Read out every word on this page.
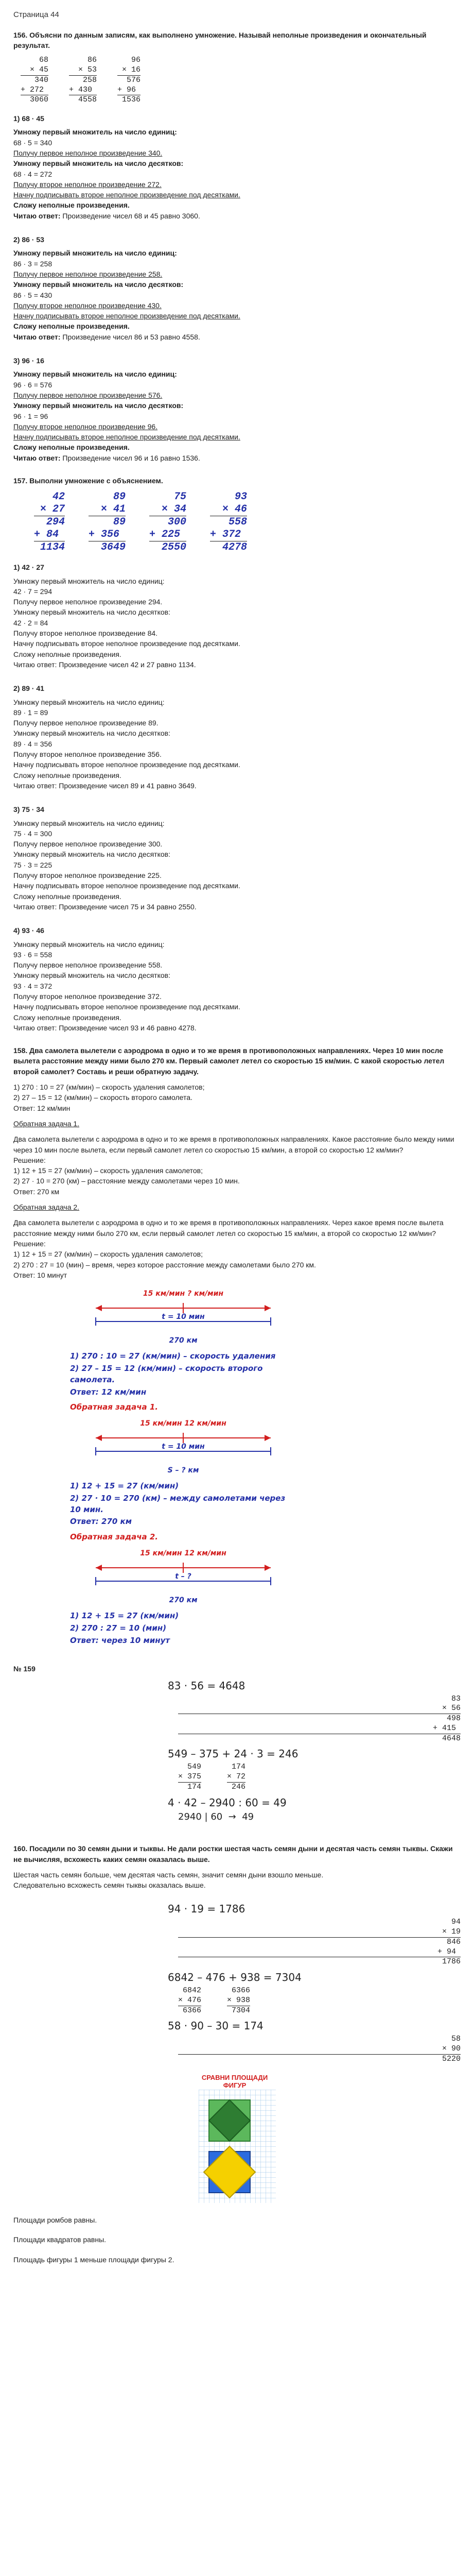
Страница 44
156. Объясни по данным записям, как выполнено умножение. Называй неполные произведения и окончательный результат.
68
× 45
340
+ 272
3060
86
× 53
258
+ 430
4558
96
× 16
576
+ 96
1536
1) 68 · 45

Умножу первый множитель на число единиц:

68 · 5 = 340

Получу первое неполное произведение 340.

Умножу первый множитель на число десятков:

68 · 4 = 272

Получу второе неполное произведение 272.

Начну подписывать второе неполное произведение под десятками.

Сложу неполные произведения.

Читаю ответ: Произведение чисел 68 и 45 равно 3060.

2) 86 · 53

Умножу первый множитель на число единиц:

86 · 3 = 258

Получу первое неполное произведение 258.

Умножу первый множитель на число десятков:

86 · 5 = 430

Получу второе неполное произведение 430.

Начну подписывать второе неполное произведение под десятками.

Сложу неполные произведения.

Читаю ответ: Произведение чисел 86 и 53 равно 4558.

3) 96 · 16

Умножу первый множитель на число единиц:

96 · 6 = 576

Получу первое неполное произведение 576.

Умножу первый множитель на число десятков:

96 · 1 = 96

Получу второе неполное произведение 96.

Начну подписывать второе неполное произведение под десятками.

Сложу неполные произведения.

Читаю ответ: Произведение чисел 96 и 16 равно 1536.

157. Выполни умножение с объяснением.
42
× 27
294
+ 84
1134
89
× 41
89
+ 356
3649
75
× 34
300
+ 225
2550
93
× 46
558
+ 372
4278
1) 42 · 27

Умножу первый множитель на число единиц:

42 · 7 = 294

Получу первое неполное произведение 294.

Умножу первый множитель на число десятков:

42 · 2 = 84

Получу второе неполное произведение 84.

Начну подписывать второе неполное произведение под десятками.

Сложу неполные произведения.

Читаю ответ: Произведение чисел 42 и 27 равно 1134.

2) 89 · 41

Умножу первый множитель на число единиц:

89 · 1 = 89

Получу первое неполное произведение 89.

Умножу первый множитель на число десятков:

89 · 4 = 356

Получу второе неполное произведение 356.

Начну подписывать второе неполное произведение под десятками.

Сложу неполные произведения.

Читаю ответ: Произведение чисел 89 и 41 равно 3649.

3) 75 · 34

Умножу первый множитель на число единиц:

75 · 4 = 300

Получу первое неполное произведение 300.

Умножу первый множитель на число десятков:

75 · 3 = 225

Получу второе неполное произведение 225.

Начну подписывать второе неполное произведение под десятками.

Сложу неполные произведения.

Читаю ответ: Произведение чисел 75 и 34 равно 2550.

4) 93 · 46

Умножу первый множитель на число единиц:

93 · 6 = 558

Получу первое неполное произведение 558.

Умножу первый множитель на число десятков:

93 · 4 = 372

Получу второе неполное произведение 372.

Начну подписывать второе неполное произведение под десятками.

Сложу неполные произведения.

Читаю ответ: Произведение чисел 93 и 46 равно 4278.

158. Два самолета вылетели с аэродрома в одно и то же время в противоположных направлениях. Через 10 мин после вылета расстояние между ними было 270 км. Первый самолет летел со скоростью 15 км/мин. С какой скоростью летел второй самолет? Составь и реши обратную задачу.

1) 270 : 10 = 27 (км/мин) – скорость удаления самолетов;

2) 27 – 15 = 12 (км/мин) – скорость второго самолета.

Ответ: 12 км/мин

Обратная задача 1.

Два самолета вылетели с аэродрома в одно и то же время в противоположных направлениях. Какое расстояние было между ними через 10 мин после вылета, если первый самолет летел со скоростью 15 км/мин, а второй со скоростью 12 км/мин?

Решение:

1) 12 + 15 = 27 (км/мин) – скорость удаления самолетов;

2) 27 · 10 = 270 (км) – расстояние между самолетами через 10 мин.

Ответ: 270 км

Обратная задача 2.

Два самолета вылетели с аэродрома в одно и то же время в противоположных направлениях. Через какое время после вылета расстояние между ними было 270 км, если первый самолет летел со скоростью 15 км/мин, а второй со скоростью 12 км/мин?

Решение:

1) 12 + 15 = 27 (км/мин) – скорость удаления самолетов;

2) 270 : 27 = 10 (мин) – время, через которое расстояние между самолетами было 270 км.

Ответ: 10 минут

15 км/мин ? км/мин
t = 10 мин
270 км
1) 270 : 10 = 27 (км/мин) – скорость удаления
2) 27 – 15 = 12 (км/мин) – скорость второго самолета.
Ответ: 12 км/мин
Обратная задача 1.
15 км/мин 12 км/мин
t = 10 мин
S – ? км
1) 12 + 15 = 27 (км/мин)
2) 27 · 10 = 270 (км) – между самолетами через 10 мин.
Ответ: 270 км
Обратная задача 2.
15 км/мин 12 км/мин
t – ?
270 км
1) 12 + 15 = 27 (км/мин)
2) 270 : 27 = 10 (мин)
Ответ: через 10 минут
№ 159
83 · 56 = 4648
83
× 56
498
+ 415
4648
549 – 375 + 24 · 3 = 246
549
× 375
174
174
× 72
246
4 · 42 – 2940 : 60 = 49
2940 | 60  →  49
160. Посадили по 30 семян дыни и тыквы. Не дали ростки шестая часть семян дыни и десятая часть семян тыквы. Скажи не вычисляя, всхожесть каких семян оказалась выше.

Шестая часть семян больше, чем десятая часть семян, значит семян дыни взошло меньше.

Следовательно всхожесть семян тыквы оказалась выше.

94 · 19 = 1786
94
× 19
846
+ 94
1786
6842 – 476 + 938 = 7304
6842
× 476
6366
6366
× 938
7304
58 · 90 – 30 = 174
58
× 90
5220
СРАВНИ ПЛОЩАДИ ФИГУР

Площади ромбов равны.

Площади квадратов равны.

Площадь фигуры 1 меньше площади фигуры 2.
